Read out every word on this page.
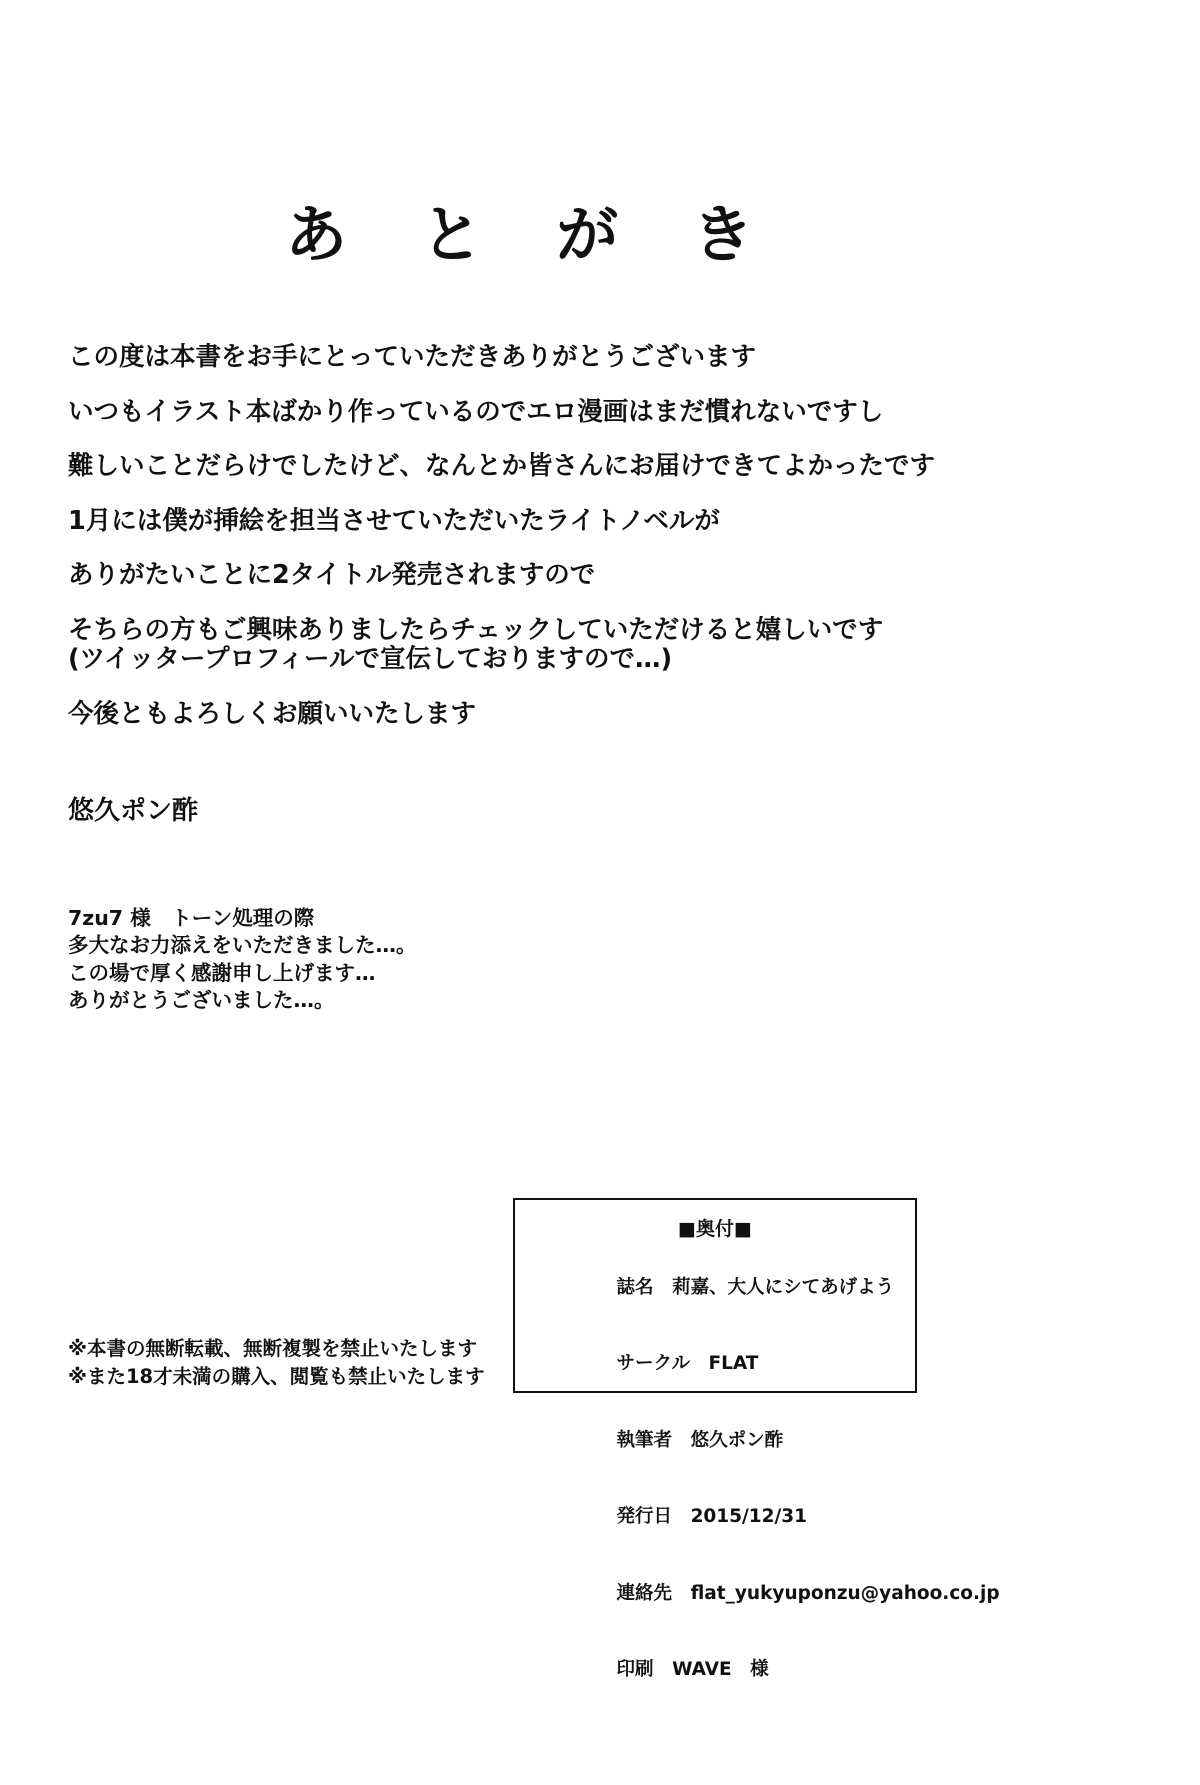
あ と が き
この度は本書をお手にとっていただきありがとうございます
いつもイラスト本ばかり作っているのでエロ漫画はまだ慣れないですし
難しいことだらけでしたけど、なんとか皆さんにお届けできてよかったです
1月には僕が挿絵を担当させていただいたライトノベルが
ありがたいことに2タイトル発売されますので
そちらの方もご興味ありましたらチェックしていただけると嬉しいです
(ツイッタープロフィールで宣伝しておりますので…)
今後ともよろしくお願いいたします
悠久ポン酢
7zu7 様　トーン処理の際
多大なお力添えをいただきました…。
この場で厚く感謝申し上げます…
ありがとうございました…。
※本書の無断転載、無断複製を禁止いたします
※また18才未満の購入、閲覧も禁止いたします
■奥付■

誌名　 莉嘉、大人にシてあげよう

サークル　 FLAT

執筆者　 悠久ポン酢

発行日　 2015/12/31

連絡先　 flat_yukyuponzu@yahoo.co.jp

印刷　 WAVE　様
